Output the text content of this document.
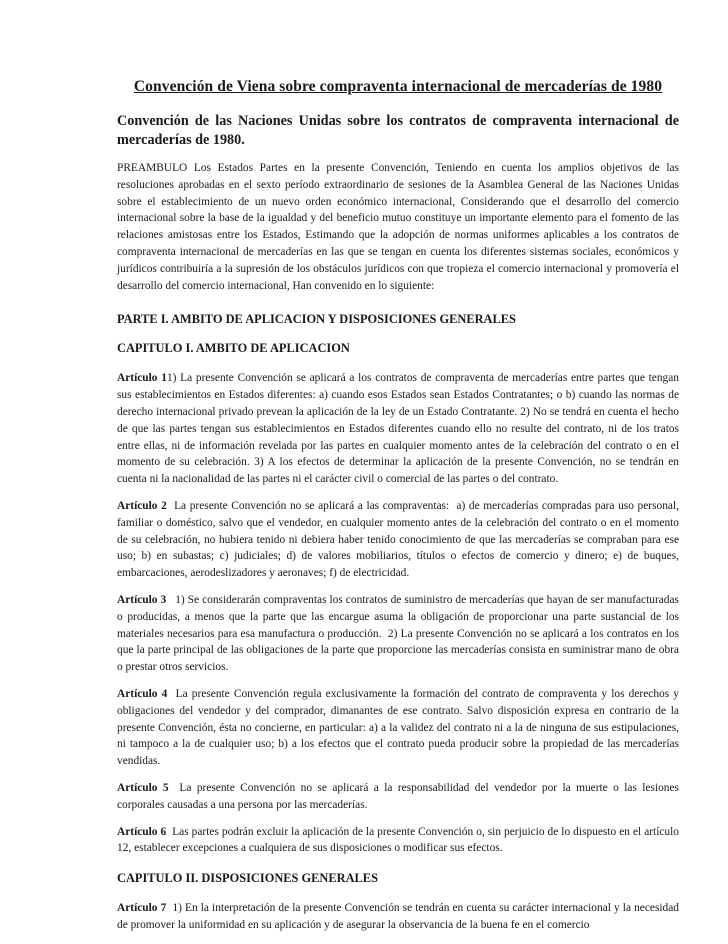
Convención de Viena sobre compraventa internacional de mercaderías de 1980
Convención de las Naciones Unidas sobre los contratos de compraventa internacional de mercaderías de 1980.
PREAMBULO Los Estados Partes en la presente Convención, Teniendo en cuenta los amplios objetivos de las resoluciones aprobadas en el sexto período extraordinario de sesiones de la Asamblea General de las Naciones Unidas sobre el establecimiento de un nuevo orden económico internacional, Considerando que el desarrollo del comercio internacional sobre la base de la igualdad y del beneficio mutuo constituye un importante elemento para el fomento de las relaciones amistosas entre los Estados, Estimando que la adopción de normas uniformes aplicables a los contratos de compraventa internacional de mercaderías en las que se tengan en cuenta los diferentes sistemas sociales, económicos y jurídicos contribuiría a la supresión de los obstáculos jurídicos con que tropieza el comercio internacional y promovería el desarrollo del comercio internacional, Han convenido en lo siguiente:
PARTE I. AMBITO DE APLICACION Y DISPOSICIONES GENERALES
CAPITULO I. AMBITO DE APLICACION
Artículo 11) La presente Convención se aplicará a los contratos de compraventa de mercaderías entre partes que tengan sus establecimientos en Estados diferentes: a) cuando esos Estados sean Estados Contratantes; o b) cuando las normas de derecho internacional privado prevean la aplicación de la ley de un Estado Contratante. 2) No se tendrá en cuenta el hecho de que las partes tengan sus establecimientos en Estados diferentes cuando ello no resulte del contrato, ni de los tratos entre ellas, ni de información revelada por las partes en cualquier momento antes de la celebración del contrato o en el momento de su celebración. 3) A los efectos de determinar la aplicación de la presente Convención, no se tendrán en cuenta ni la nacionalidad de las partes ni el carácter civil o comercial de las partes o del contrato.
Artículo 2  La presente Convención no se aplicará a las compraventas:  a) de mercaderías compradas para uso personal, familiar o doméstico, salvo que el vendedor, en cualquier momento antes de la celebración del contrato o en el momento de su celebración, no hubiera tenido ni debiera haber tenido conocimiento de que las mercaderías se compraban para ese uso; b) en subastas; c) judiciales; d) de valores mobiliarios, títulos o efectos de comercio y dinero; e) de buques, embarcaciones, aerodeslizadores y aeronaves; f) de electricidad.
Artículo 3   1) Se considerarán compraventas los contratos de suministro de mercaderías que hayan de ser manufacturadas o producidas, a menos que la parte que las encargue asuma la obligación de proporcionar una parte sustancial de los materiales necesarios para esa manufactura o producción.  2) La presente Convención no se aplicará a los contratos en los que la parte principal de las obligaciones de la parte que proporcione las mercaderías consista en suministrar mano de obra o prestar otros servicios.
Artículo 4  La presente Convención regula exclusivamente la formación del contrato de compraventa y los derechos y obligaciones del vendedor y del comprador, dimanantes de ese contrato. Salvo disposición expresa en contrario de la presente Convención, ésta no concierne, en particular: a) a la validez del contrato ni a la de ninguna de sus estipulaciones, ni tampoco a la de cualquier uso; b) a los efectos que el contrato pueda producir sobre la propiedad de las mercaderías vendidas.
Artículo 5  La presente Convención no se aplicará a la responsabilidad del vendedor por la muerte o las lesiones corporales causadas a una persona por las mercaderías.
Artículo 6  Las partes podrán excluir la aplicación de la presente Convención o, sin perjuicio de lo dispuesto en el artículo 12, establecer excepciones a cualquiera de sus disposiciones o modificar sus efectos.
CAPITULO II. DISPOSICIONES GENERALES
Artículo 7  1) En la interpretación de la presente Convención se tendrán en cuenta su carácter internacional y la necesidad de promover la uniformidad en su aplicación y de asegurar la observancia de la buena fe en el comercio
